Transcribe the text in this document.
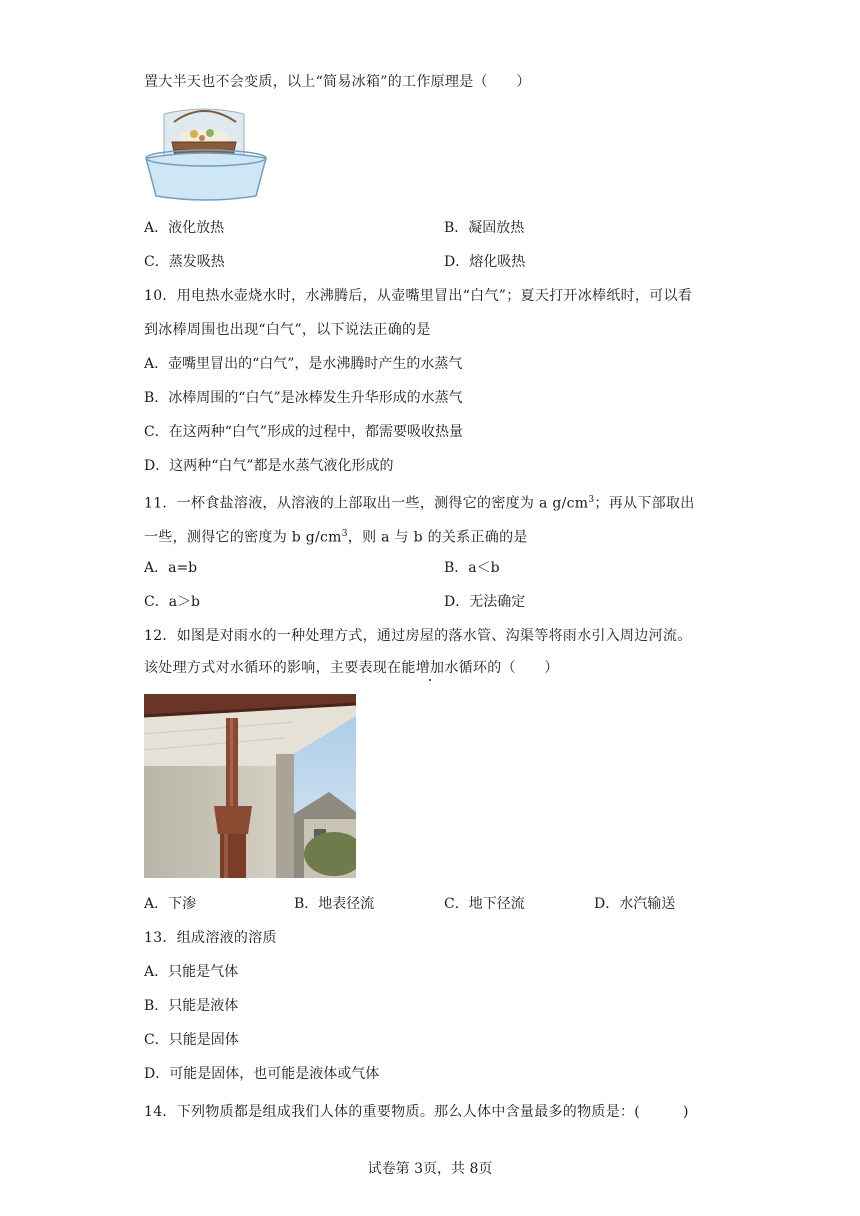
置大半天也不会变质，以上“简易冰箱”的工作原理是（　　）
A．液化放热	B．凝固放热
C．蒸发吸热	D．熔化吸热
10．用电热水壶烧水时，水沸腾后，从壶嘴里冒出“白气”；夏天打开冰棒纸时，可以看
到冰棒周围也出现“白气”，以下说法正确的是
A．壶嘴里冒出的“白气”，是水沸腾时产生的水蒸气
B．冰棒周围的“白气”是冰棒发生升华形成的水蒸气
C．在这两种“白气”形成的过程中，都需要吸收热量
D．这两种“白气”都是水蒸气液化形成的
11．一杯食盐溶液，从溶液的上部取出一些，测得它的密度为 a $g/cm^3$；再从下部取出
一些，测得它的密度为 b $g/cm^3$，则 a 与 b 的关系正确的是
A．a=b	B．a＜b
C．a＞b	D．无法确定
12．如图是对雨水的一种处理方式，通过房屋的落水管、沟渠等将雨水引入周边河流。
该处理方式对水循环的影响，主要表现在能增加水循环的（　　）
A．下渗	B．地表径流	C．地下径流	D．水汽输送
13．组成溶液的溶质
A．只能是气体
B．只能是液体
C．只能是固体
D．可能是固体，也可能是液体或气体
14．下列物质都是组成我们人体的重要物质。那么人体中含量最多的物质是：(　　　)
试卷第 3页，共 8页
